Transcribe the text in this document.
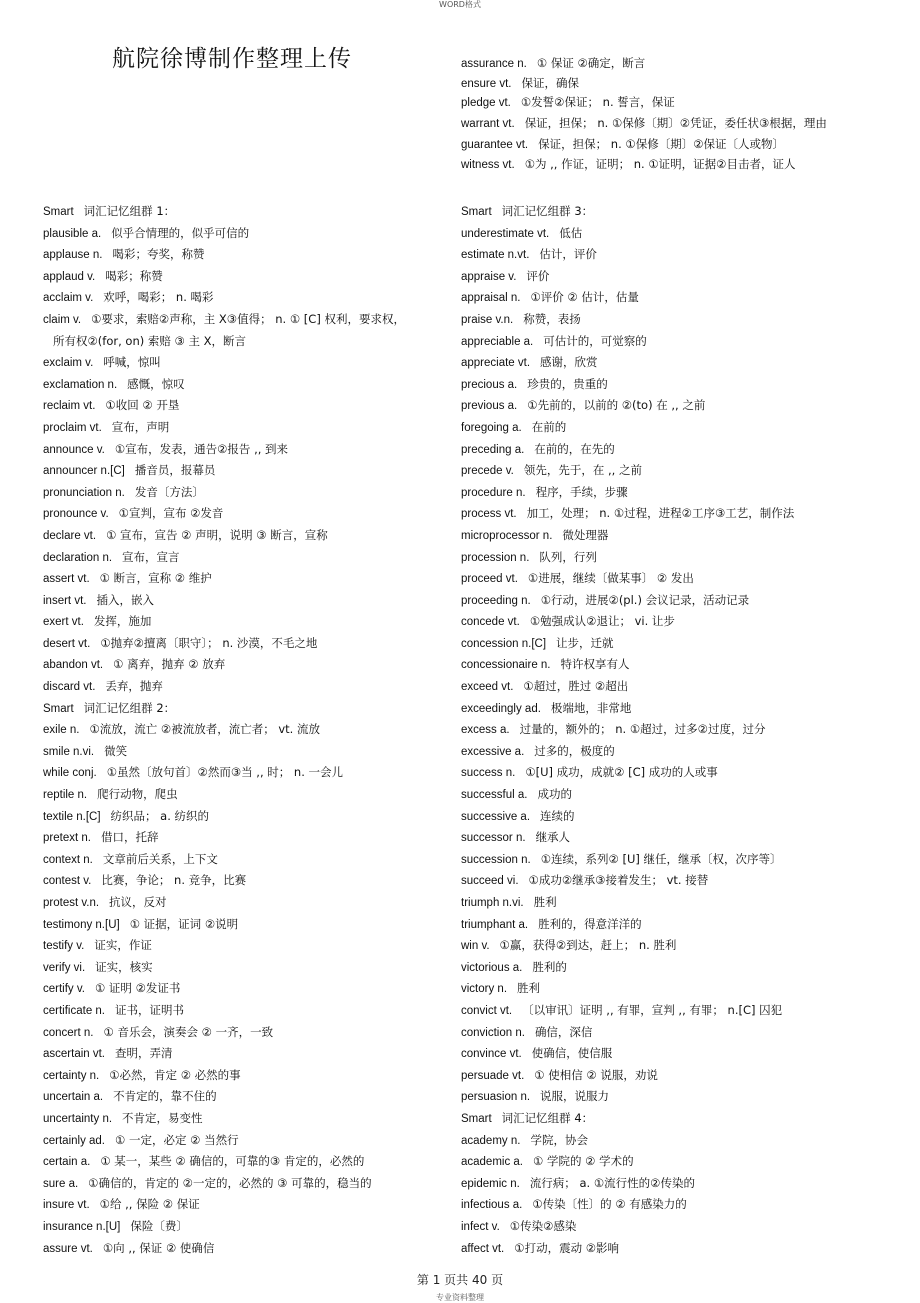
WORD格式
航院徐博制作整理上传	assurance n. ① 保证 ②确定，断言
ensure vt. 保证，确保
pledge vt. ①发誓②保证； n. 誓言，保证
warrant vt. 保证，担保； n. ①保修〔期〕②凭证，委任状③根据，理由
guarantee vt. 保证，担保； n. ①保修〔期〕②保证〔人或物〕
witness vt. ①为 ,, 作证，证明； n. ①证明，证据②目击者，证人
Smart 词汇记忆组群 1：
plausible a. 似乎合情理的，似乎可信的
applause n. 喝彩；夸奖，称赞
applaud v. 喝彩；称赞
acclaim v. 欢呼，喝彩； n. 喝彩
claim v. ①要求，索赔②声称，主 X③值得； n. ① [C] 权利，要求权，
所有权②(for, on) 索赔 ③ 主 X，断言
exclaim v. 呼喊，惊叫
exclamation n. 感慨，惊叹
reclaim vt. ①收回 ② 开垦
proclaim vt. 宣布，声明
announce v. ①宣布，发表，通告②报告 ,, 到来
announcer n.[C] 播音员，报幕员
pronunciation n. 发音〔方法〕
pronounce v. ①宣判，宣布 ②发音
declare vt. ① 宣布，宣告 ② 声明，说明 ③ 断言，宣称
declaration n. 宣布，宣言
assert vt. ① 断言，宣称 ② 维护
insert vt. 插入，嵌入
exert vt. 发挥，施加
desert vt. ①抛弃②擅离〔职守〕； n. 沙漠，不毛之地
abandon vt. ① 离弃，抛弃 ② 放弃
discard vt. 丢弃，抛弃
Smart 词汇记忆组群 2：
exile n. ①流放，流亡 ②被流放者，流亡者； vt. 流放
smile n.vi. 微笑
while conj. ①虽然〔放句首〕②然而③当 ,, 时； n. 一会儿
reptile n. 爬行动物，爬虫
textile n.[C] 纺织品； a. 纺织的
pretext n. 借口，托辞
context n. 文章前后关系，上下文
contest v. 比赛，争论； n. 竞争，比赛
protest v.n. 抗议，反对
testimony n.[U] ① 证据，证词 ②说明
testify v. 证实，作证
verify vi. 证实，核实
certify v. ① 证明 ②发证书
certificate n. 证书，证明书
concert n. ① 音乐会，演奏会 ② 一齐，一致
ascertain vt. 查明，弄清
certainty n. ①必然，肯定 ② 必然的事
uncertain a. 不肯定的，靠不住的
uncertainty n. 不肯定，易变性
certainly ad. ① 一定，必定 ② 当然行
certain a. ① 某一，某些 ② 确信的，可靠的③ 肯定的，必然的
sure a. ①确信的，肯定的 ②一定的，必然的 ③ 可靠的，稳当的
insure vt. ①给 ,, 保险 ② 保证
insurance n.[U] 保险〔费〕
assure vt. ①向 ,, 保证 ② 使确信
Smart 词汇记忆组群 3：
underestimate vt. 低估
estimate n.vt. 估计，评价
appraise v. 评价
appraisal n. ①评价 ② 估计，估量
praise v.n. 称赞，表扬
appreciable a. 可估计的，可觉察的
appreciate vt. 感谢，欣赏
precious a. 珍贵的，贵重的
previous a. ①先前的，以前的 ②(to) 在 ,, 之前
foregoing a. 在前的
preceding a. 在前的，在先的
precede v. 领先，先于，在 ,, 之前
procedure n. 程序，手续，步骤
process vt. 加工，处理； n. ①过程，进程②工序③工艺，制作法
microprocessor n. 微处理器
procession n. 队列，行列
proceed vt. ①进展，继续〔做某事〕 ② 发出
proceeding n. ①行动，进展②(pl.) 会议记录，活动记录
concede vt. ①勉强成认②退让； vi. 让步
concession n.[C] 让步，迁就
concessionaire n. 特许权享有人
exceed vt. ①超过，胜过 ②超出
exceedingly ad. 极端地，非常地
excess a. 过量的，额外的； n. ①超过，过多②过度，过分
excessive a. 过多的，极度的
success n. ①[U] 成功，成就② [C] 成功的人或事
successful a. 成功的
successive a. 连续的
successor n. 继承人
succession n. ①连续，系列② [U] 继任，继承〔权，次序等〕
succeed vi. ①成功②继承③接着发生； vt. 接替
triumph n.vi. 胜利
triumphant a. 胜利的，得意洋洋的
win v. ①赢，获得②到达，赶上； n. 胜利
victorious a. 胜利的
victory n. 胜利
convict vt. 〔以审讯〕证明 ,, 有罪，宣判 ,, 有罪； n.[C] 囚犯
conviction n. 确信，深信
convince vt. 使确信，使信服
persuade vt. ① 使相信 ② 说服，劝说
persuasion n. 说服，说服力
Smart 词汇记忆组群 4：
academy n. 学院，协会
academic a. ① 学院的 ② 学术的
epidemic n. 流行病； a. ①流行性的②传染的
infectious a. ①传染〔性〕的 ② 有感染力的
infect v. ①传染②感染
affect vt. ①打动，震动 ②影响
第 1 页共 40 页
专业资料整理
